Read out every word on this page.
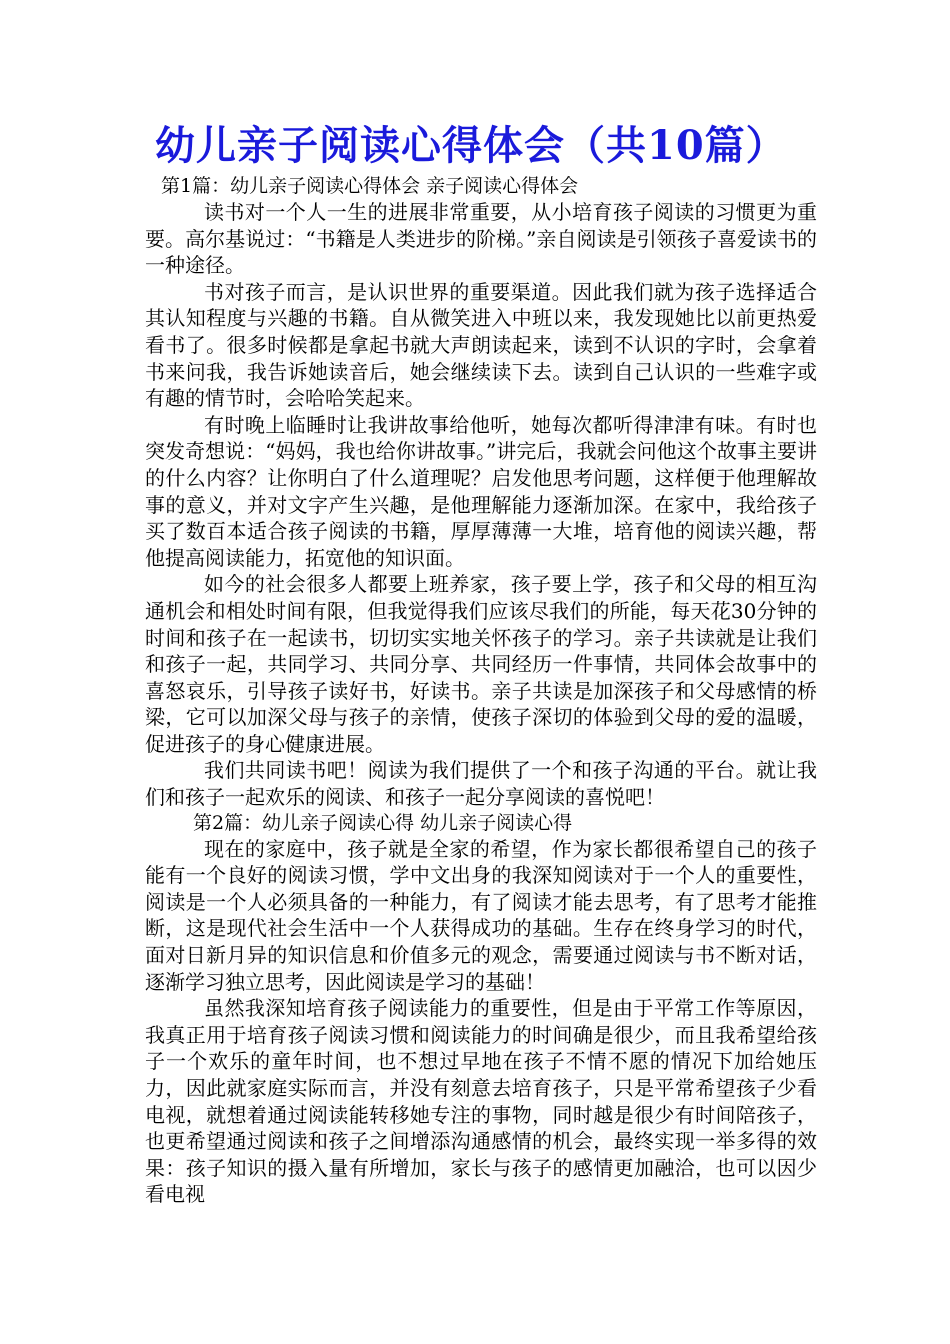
幼儿亲子阅读心得体会（共10篇）
第1篇：幼儿亲子阅读心得体会 亲子阅读心得体会

读书对一个人一生的进展非常重要，从小培育孩子阅读的习惯更为重要。高尔基说过：“书籍是人类进步的阶梯。”亲自阅读是引领孩子喜爱读书的一种途径。

书对孩子而言，是认识世界的重要渠道。因此我们就为孩子选择适合其认知程度与兴趣的书籍。自从微笑进入中班以来，我发现她比以前更热爱看书了。很多时候都是拿起书就大声朗读起来，读到不认识的字时，会拿着书来问我，我告诉她读音后，她会继续读下去。读到自己认识的一些难字或有趣的情节时，会哈哈笑起来。

有时晚上临睡时让我讲故事给他听，她每次都听得津津有味。有时也突发奇想说：“妈妈，我也给你讲故事。”讲完后，我就会问他这个故事主要讲的什么内容？让你明白了什么道理呢？启发他思考问题，这样便于他理解故事的意义，并对文字产生兴趣，是他理解能力逐渐加深。在家中，我给孩子买了数百本适合孩子阅读的书籍，厚厚薄薄一大堆，培育他的阅读兴趣，帮他提高阅读能力，拓宽他的知识面。

如今的社会很多人都要上班养家，孩子要上学，孩子和父母的相互沟通机会和相处时间有限，但我觉得我们应该尽我们的所能，每天花30分钟的时间和孩子在一起读书，切切实实地关怀孩子的学习。亲子共读就是让我们和孩子一起，共同学习、共同分享、共同经历一件事情，共同体会故事中的喜怒哀乐，引导孩子读好书，好读书。亲子共读是加深孩子和父母感情的桥梁，它可以加深父母与孩子的亲情，使孩子深切的体验到父母的爱的温暖，促进孩子的身心健康进展。

我们共同读书吧！阅读为我们提供了一个和孩子沟通的平台。就让我们和孩子一起欢乐的阅读、和孩子一起分享阅读的喜悦吧！

第2篇：幼儿亲子阅读心得 幼儿亲子阅读心得

现在的家庭中，孩子就是全家的希望，作为家长都很希望自己的孩子能有一个良好的阅读习惯，学中文出身的我深知阅读对于一个人的重要性，阅读是一个人必须具备的一种能力，有了阅读才能去思考，有了思考才能推断，这是现代社会生活中一个人获得成功的基础。生存在终身学习的时代，面对日新月异的知识信息和价值多元的观念，需要通过阅读与书不断对话，逐渐学习独立思考，因此阅读是学习的基础！

虽然我深知培育孩子阅读能力的重要性，但是由于平常工作等原因，我真正用于培育孩子阅读习惯和阅读能力的时间确是很少，而且我希望给孩子一个欢乐的童年时间，也不想过早地在孩子不情不愿的情况下加给她压力，因此就家庭实际而言，并没有刻意去培育孩子，只是平常希望孩子少看电视，就想着通过阅读能转移她专注的事物，同时越是很少有时间陪孩子，也更希望通过阅读和孩子之间增添沟通感情的机会，最终实现一举多得的效果：孩子知识的摄入量有所增加，家长与孩子的感情更加融洽，也可以因少看电视
